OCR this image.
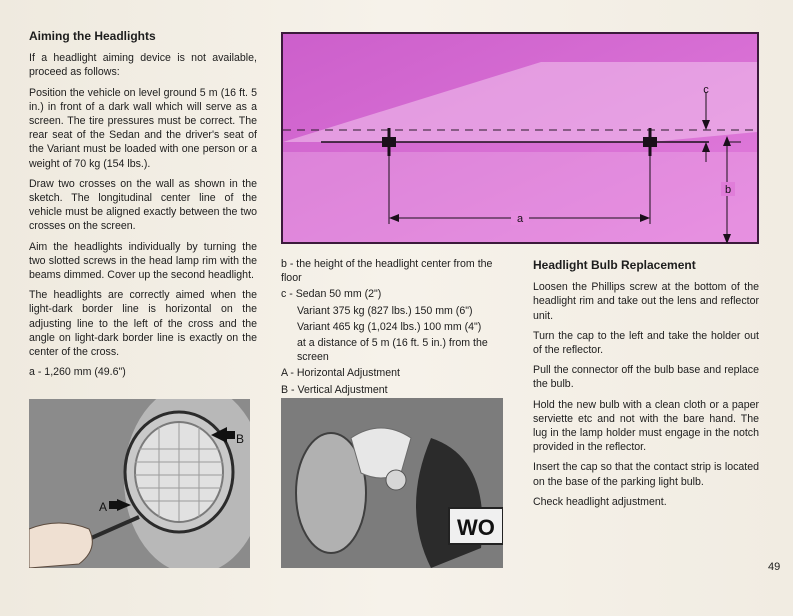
Aiming the Headlights

If a headlight aiming device is not available, proceed as follows:

Position the vehicle on level ground 5 m (16 ft. 5 in.) in front of a dark wall which will serve as a screen. The tire pressures must be correct. The rear seat of the Sedan and the driver's seat of the Variant must be loaded with one person or a weight of 70 kg (154 lbs.).

Draw two crosses on the wall as shown in the sketch. The longitudinal center line of the vehicle must be aligned exactly between the two crosses on the screen.

Aim the headlights individually by turning the two slotted screws in the head lamp rim with the beams dimmed. Cover up the second headlight.

The headlights are correctly aimed when the light-dark border line is horizontal on the adjusting line to the left of the cross and the angle on light-dark border line is exactly on the center of the cross.

a - 1,260 mm (49.6")

a
c
b
b - the height of the headlight center from the floor
c - Sedan 50 mm (2")
Variant 375 kg (827 lbs.) 150 mm (6")
Variant 465 kg (1,024 lbs.) 100 mm (4")
at a distance of 5 m (16 ft. 5 in.) from the screen
A - Horizontal Adjustment
B - Vertical Adjustment
Headlight Bulb Replacement

Loosen the Phillips screw at the bottom of the headlight rim and take out the lens and reflector unit.

Turn the cap to the left and take the holder out of the reflector.

Pull the connector off the bulb base and replace the bulb.

Hold the new bulb with a clean cloth or a paper serviette etc and not with the bare hand. The lug in the lamp holder must engage in the notch provided in the reflector.

Insert the cap so that the contact strip is located on the base of the parking light bulb.

Check headlight adjustment.

B
A
WO
49
